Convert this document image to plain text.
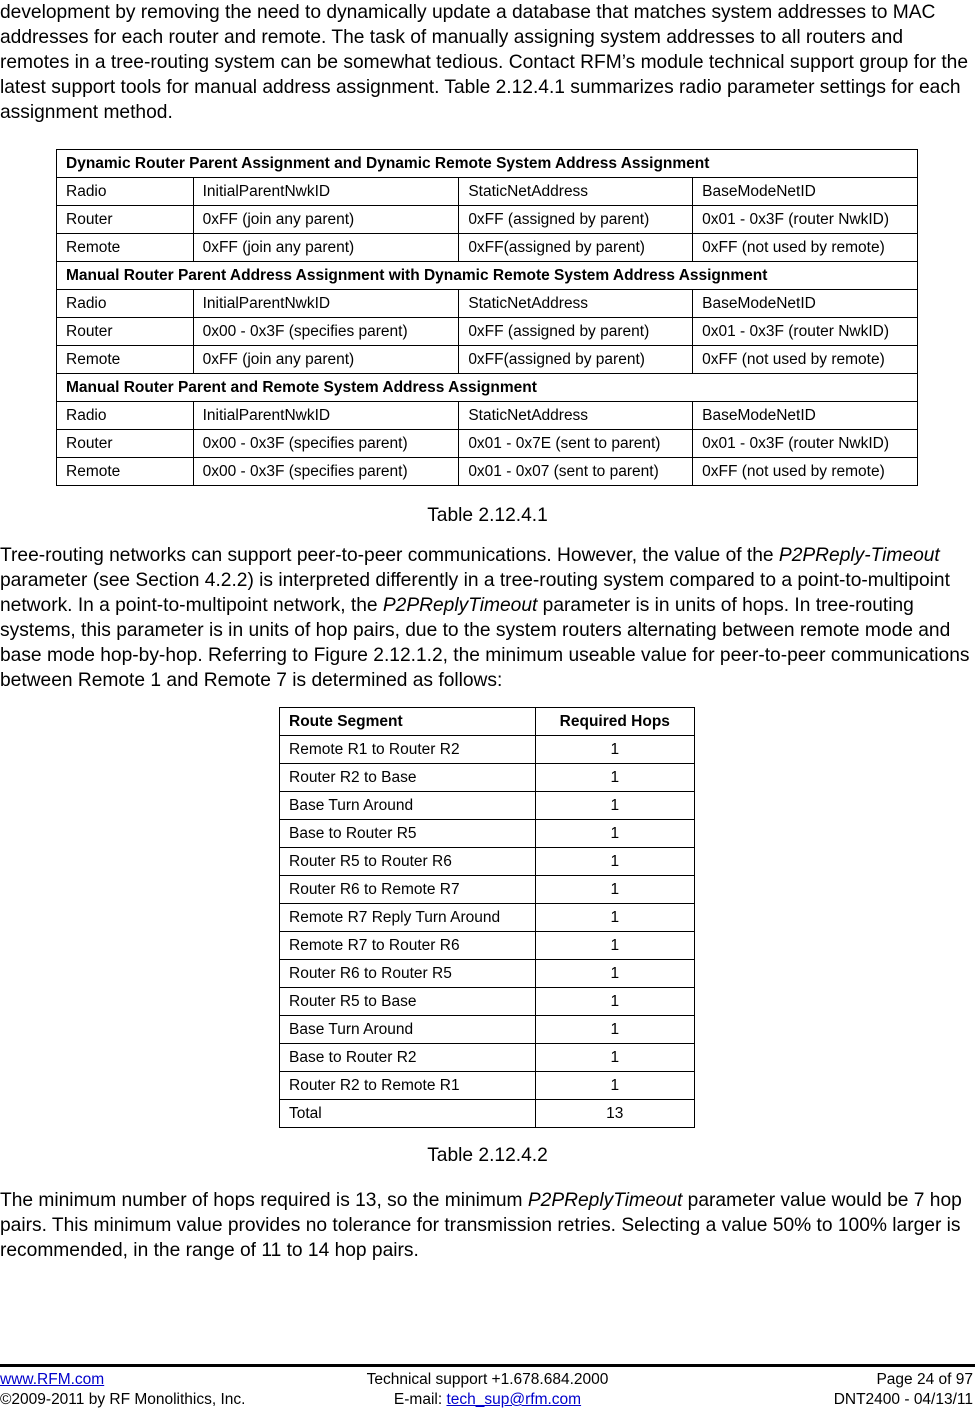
development by removing the need to dynamically update a database that matches system addresses to MAC addresses for each router and remote. The task of manually assigning system addresses to all routers and remotes in a tree-routing system can be somewhat tedious. Contact RFM’s module technical support group for the latest support tools for manual address assignment. Table 2.12.4.1 summarizes radio parameter settings for each assignment method.

Dynamic Router Parent Assignment and Dynamic Remote System Address Assignment			
Radio	InitialParentNwkID	StaticNetAddress	BaseModeNetID
Router	0xFF (join any parent)	0xFF (assigned by parent)	0x01 - 0x3F (router NwkID)
Remote	0xFF (join any parent)	0xFF(assigned by parent)	0xFF (not used by remote)
Manual Router Parent Address Assignment with Dynamic Remote System Address Assignment			
Radio	InitialParentNwkID	StaticNetAddress	BaseModeNetID
Router	0x00 - 0x3F (specifies parent)	0xFF (assigned by parent)	0x01 - 0x3F (router NwkID)
Remote	0xFF (join any parent)	0xFF(assigned by parent)	0xFF (not used by remote)
Manual Router Parent and Remote System Address Assignment			
Radio	InitialParentNwkID	StaticNetAddress	BaseModeNetID
Router	0x00 - 0x3F (specifies parent)	0x01 - 0x7E (sent to parent)	0x01 - 0x3F (router NwkID)
Remote	0x00 - 0x3F (specifies parent)	0x01 - 0x07 (sent to parent)	0xFF (not used by remote)
Table 2.12.4.1

Tree-routing networks can support peer-to-peer communications. However, the value of the P2PReply-Timeout parameter (see Section 4.2.2) is interpreted differently in a tree-routing system compared to a point-to-multipoint network. In a point-to-multipoint network, the P2PReplyTimeout parameter is in units of hops. In tree-routing systems, this parameter is in units of hop pairs, due to the system routers alternating between remote mode and base mode hop-by-hop. Referring to Figure 2.12.1.2, the minimum useable value for peer-to-peer communications between Remote 1 and Remote 7 is determined as follows:

Route Segment	Required Hops
Remote R1 to Router R2	1
Router R2 to Base	1
Base Turn Around	1
Base to Router R5	1
Router R5 to Router R6	1
Router R6 to Remote R7	1
Remote R7 Reply Turn Around	1
Remote R7 to Router R6	1
Router R6 to Router R5	1
Router R5 to Base	1
Base Turn Around	1
Base to Router R2	1
Router R2 to Remote R1	1
Total	13
Table 2.12.4.2

The minimum number of hops required is 13, so the minimum P2PReplyTimeout parameter value would be 7 hop pairs. This minimum value provides no tolerance for transmission retries. Selecting a value 50% to 100% larger is recommended, in the range of 11 to 14 hop pairs.

www.RFM.com
©2009-2011 by RF Monolithics, Inc.
Technical support +1.678.684.2000
E-mail: tech_sup@rfm.com
Page 24 of 97
DNT2400 - 04/13/11
